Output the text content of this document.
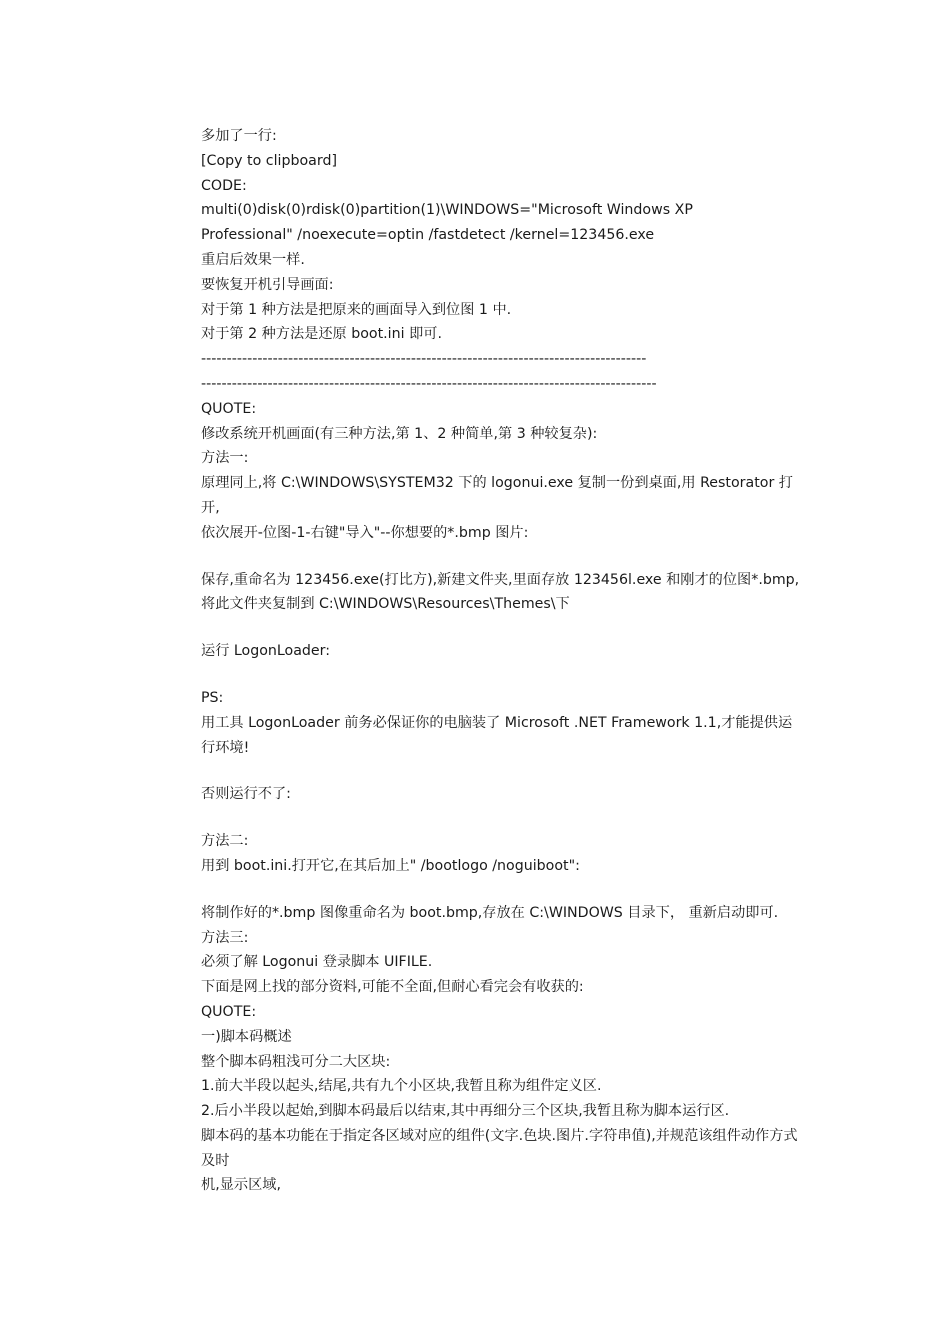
多加了一行:
[Copy to clipboard]
CODE:
multi(0)disk(0)rdisk(0)partition(1)\WINDOWS="Microsoft Windows XP
Professional" /noexecute=optin /fastdetect /kernel=123456.exe
重启后效果一样.
要恢复开机引导画面:
对于第 1 种方法是把原来的画面导入到位图 1 中.
对于第 2 种方法是还原 boot.ini 即可.
---------------------------------------------------------------------------------------
-----------------------------------------------------------------------------------------
QUOTE:
修改系统开机画面(有三种方法,第 1、2 种简单,第 3 种较复杂):
方法一:
原理同上,将 C:\WINDOWS\SYSTEM32 下的 logonui.exe 复制一份到桌面,用 Restorator 打
开,
依次展开-位图-1-右键"导入"--你想要的*.bmp 图片:
保存,重命名为 123456.exe(打比方),新建文件夹,里面存放 123456l.exe 和刚才的位图*.bmp,
将此文件夹复制到 C:\WINDOWS\Resources\Themes\下
运行 LogonLoader:
PS:
用工具 LogonLoader 前务必保证你的电脑装了 Microsoft .NET Framework 1.1,才能提供运
行环境!
否则运行不了:
方法二:
用到 boot.ini.打开它,在其后加上" /bootlogo /noguiboot":
将制作好的*.bmp 图像重命名为 boot.bmp,存放在 C:\WINDOWS 目录下， 重新启动即可.
方法三:
必须了解 Logonui 登录脚本 UIFILE.
下面是网上找的部分资料,可能不全面,但耐心看完会有收获的:
QUOTE:
一)脚本码概述
整个脚本码粗浅可分二大区块:
1.前大半段以起头,结尾,共有九个小区块,我暂且称为组件定义区.
2.后小半段以起始,到脚本码最后以结束,其中再细分三个区块,我暂且称为脚本运行区.
脚本码的基本功能在于指定各区域对应的组件(文字.色块.图片.字符串值),并规范该组件动作方式
及时
机,显示区域,
